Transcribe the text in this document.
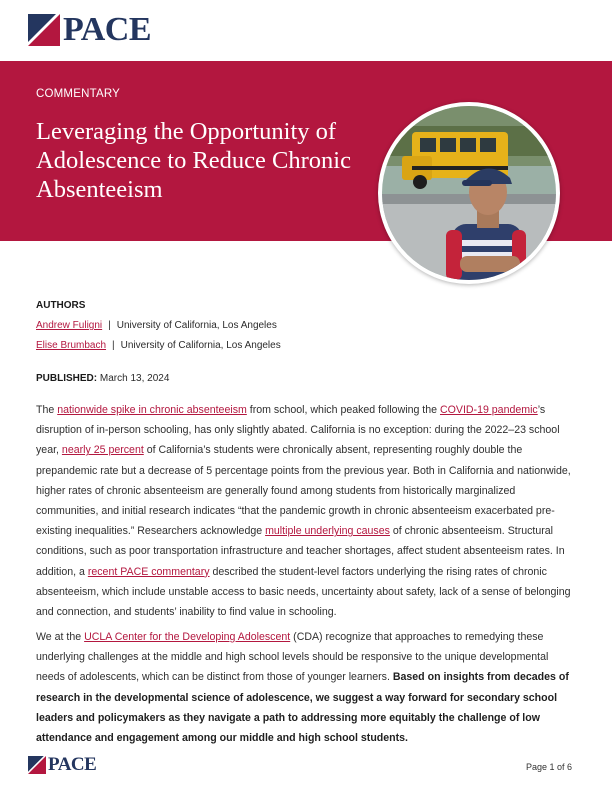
PACE
COMMENTARY
Leveraging the Opportunity of Adolescence to Reduce Chronic Absenteeism
AUTHORS
Andrew Fuligni | University of California, Los Angeles
Elise Brumbach | University of California, Los Angeles
PUBLISHED: March 13, 2024

The nationwide spike in chronic absenteeism from school, which peaked following the COVID-19 pandemic’s disruption of in-person schooling, has only slightly abated. California is no exception: during the 2022–23 school year, nearly 25 percent of California’s students were chronically absent, representing roughly double the prepandemic rate but a decrease of 5 percentage points from the previous year. Both in California and nationwide, higher rates of chronic absenteeism are generally found among students from historically marginalized communities, and initial research indicates “that the pandemic growth in chronic absenteeism exacerbated pre-existing inequalities.” Researchers acknowledge multiple underlying causes of chronic absenteeism. Structural conditions, such as poor transportation infrastructure and teacher shortages, affect student absenteeism rates. In addition, a recent PACE commentary described the student-level factors underlying the rising rates of chronic absenteeism, which include unstable access to basic needs, uncertainty about safety, lack of a sense of belonging and connection, and students’ inability to find value in schooling.

We at the UCLA Center for the Developing Adolescent (CDA) recognize that approaches to remedying these underlying challenges at the middle and high school levels should be responsive to the unique developmental needs of adolescents, which can be distinct from those of younger learners. Based on insights from decades of research in the developmental science of adolescence, we suggest a way forward for secondary school leaders and policymakers as they navigate a path to addressing more equitably the challenge of low attendance and engagement among our middle and high school students.

PACE	Page 1 of 6
